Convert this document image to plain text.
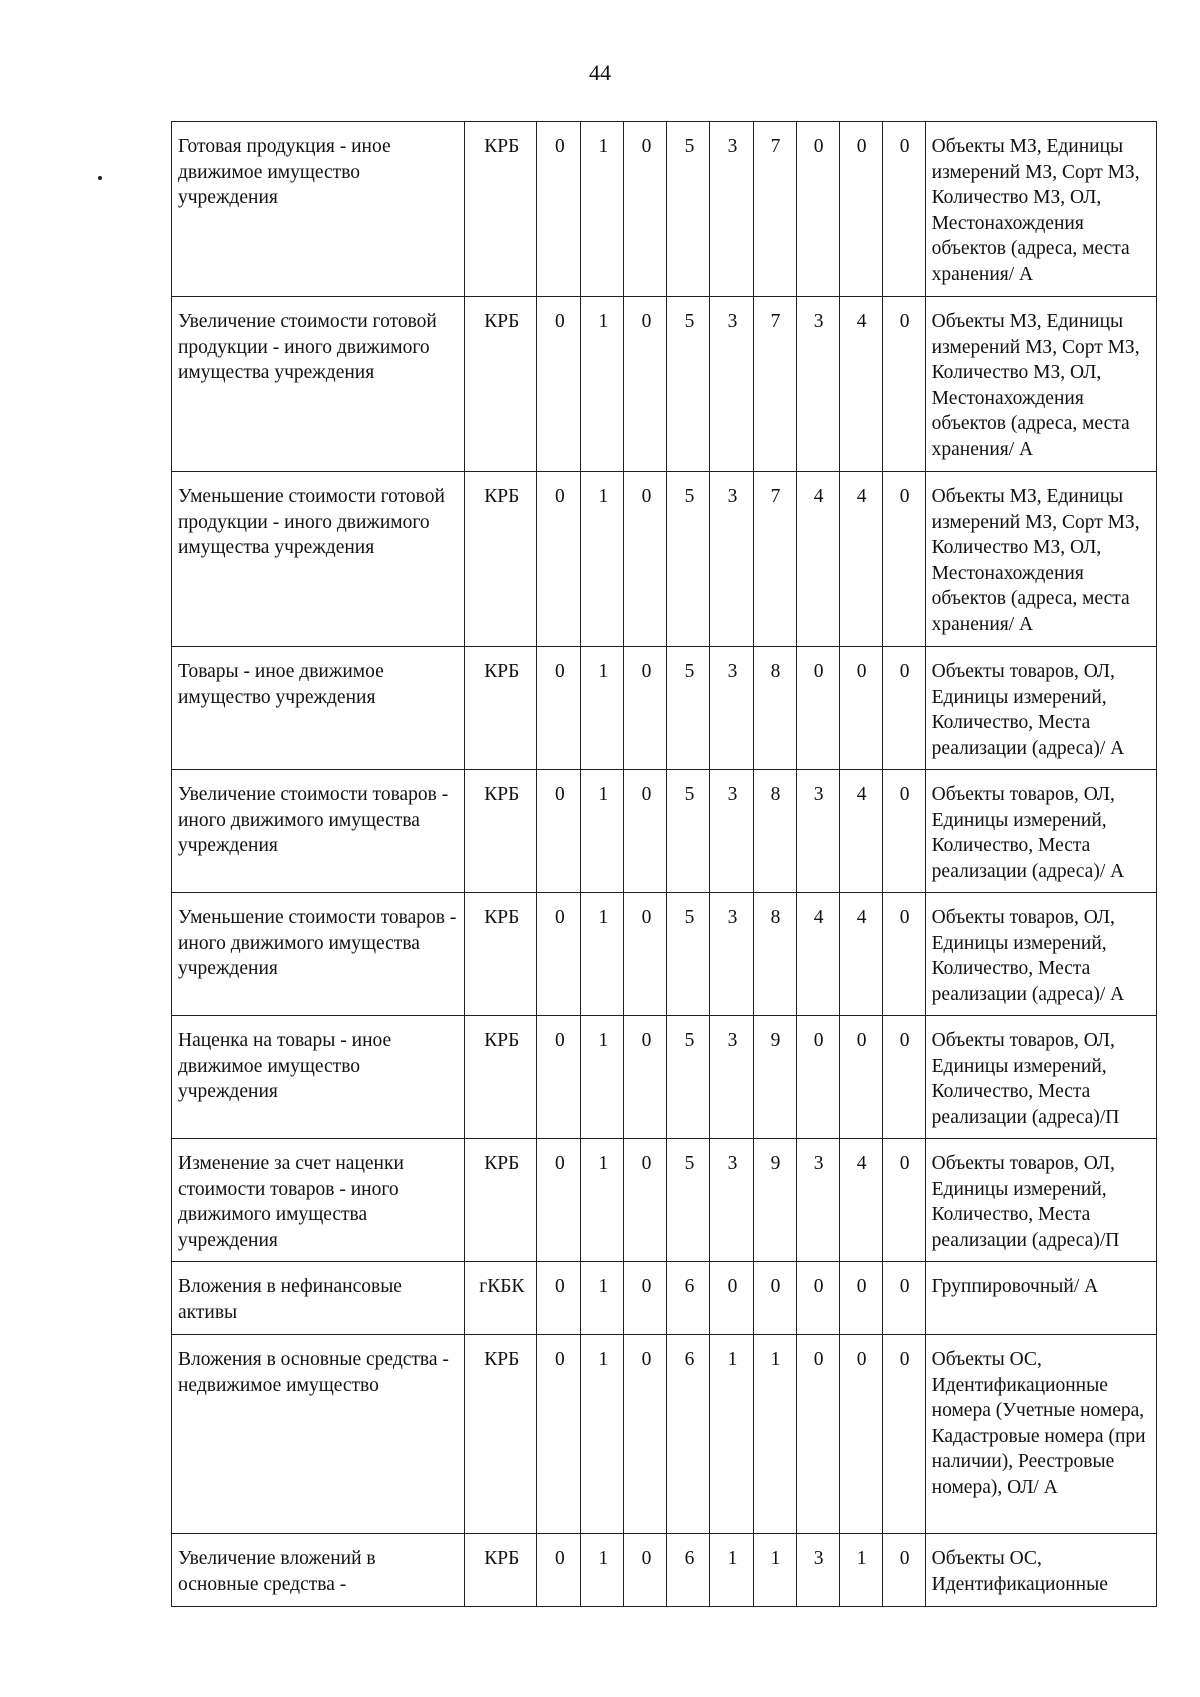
44
Готовая продукция - иное движимое имущество учреждения	КРБ	0	1	0	5	3	7	0	0	0	Объекты МЗ, Единицы измерений МЗ, Сорт МЗ, Количество МЗ, ОЛ, Местонахождения объектов (адреса, места хранения/ А
Увеличение стоимости готовой продукции - иного движимого имущества учреждения	КРБ	0	1	0	5	3	7	3	4	0	Объекты МЗ, Единицы измерений МЗ, Сорт МЗ, Количество МЗ, ОЛ, Местонахождения объектов (адреса, места хранения/ А
Уменьшение стоимости готовой продукции - иного движимого имущества учреждения	КРБ	0	1	0	5	3	7	4	4	0	Объекты МЗ, Единицы измерений МЗ, Сорт МЗ, Количество МЗ, ОЛ, Местонахождения объектов (адреса, места хранения/ А
Товары - иное движимое имущество учреждения	КРБ	0	1	0	5	3	8	0	0	0	Объекты товаров, ОЛ, Единицы измерений, Количество, Места реализации (адреса)/ А
Увеличение стоимости товаров - иного движимого имущества учреждения	КРБ	0	1	0	5	3	8	3	4	0	Объекты товаров, ОЛ, Единицы измерений, Количество, Места реализации (адреса)/ А
Уменьшение стоимости товаров - иного движимого имущества учреждения	КРБ	0	1	0	5	3	8	4	4	0	Объекты товаров, ОЛ, Единицы измерений, Количество, Места реализации (адреса)/ А
Наценка на товары - иное движимое имущество учреждения	КРБ	0	1	0	5	3	9	0	0	0	Объекты товаров, ОЛ, Единицы измерений, Количество, Места реализации (адреса)/П
Изменение за счет наценки стоимости товаров - иного движимого имущества учреждения	КРБ	0	1	0	5	3	9	3	4	0	Объекты товаров, ОЛ, Единицы измерений, Количество, Места реализации (адреса)/П
Вложения в нефинансовые активы	гКБК	0	1	0	6	0	0	0	0	0	Группировочный/ А
Вложения в основные средства - недвижимое имущество	КРБ	0	1	0	6	1	1	0	0	0	Объекты ОС, Идентификационные номера (Учетные номера, Кадастровые номера (при наличии), Реестровые номера), ОЛ/ А
Увеличение вложений в основные средства -	КРБ	0	1	0	6	1	1	3	1	0	Объекты ОС, Идентификационные
